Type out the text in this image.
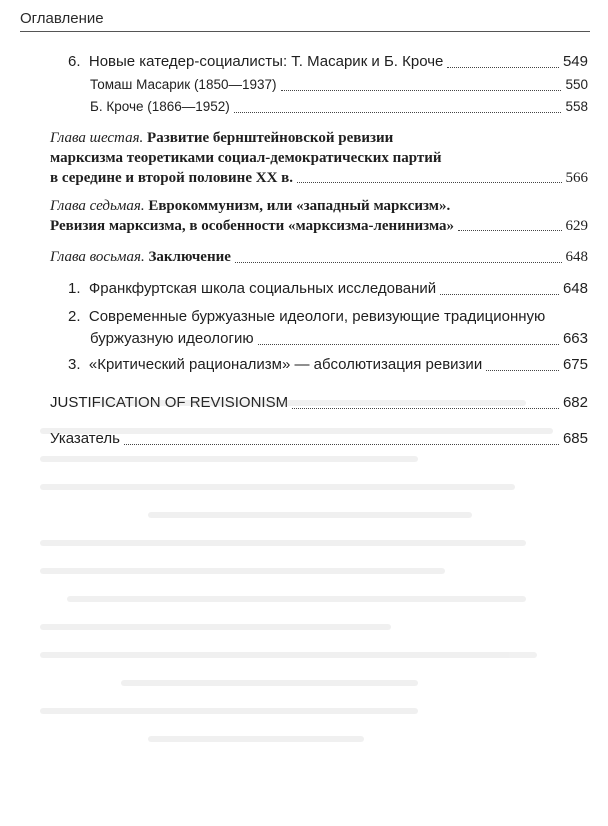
Оглавление
6. Новые катедер-социалисты: Т. Масарик и Б. Кроче	549
Томаш Масарик (1850—1937)	550
Б. Кроче (1866—1952)	558
Глава шестая. Развитие бернштейновской ревизии
марксизма теоретиками социал-демократических партий
в середине и второй половине XX в.	566
Глава седьмая. Еврокоммунизм, или «западный марксизм».
Ревизия марксизма, в особенности «марксизма-ленинизма»	629
Глава восьмая. Заключение	648
1. Франкфуртская школа социальных исследований	648
2. Современные буржуазные идеологи, ревизующие традиционную
буржуазную идеологию	663
3. «Критический рационализм» — абсолютизация ревизии	675
JUSTIFICATION OF REVISIONISM	682
Указатель	685
